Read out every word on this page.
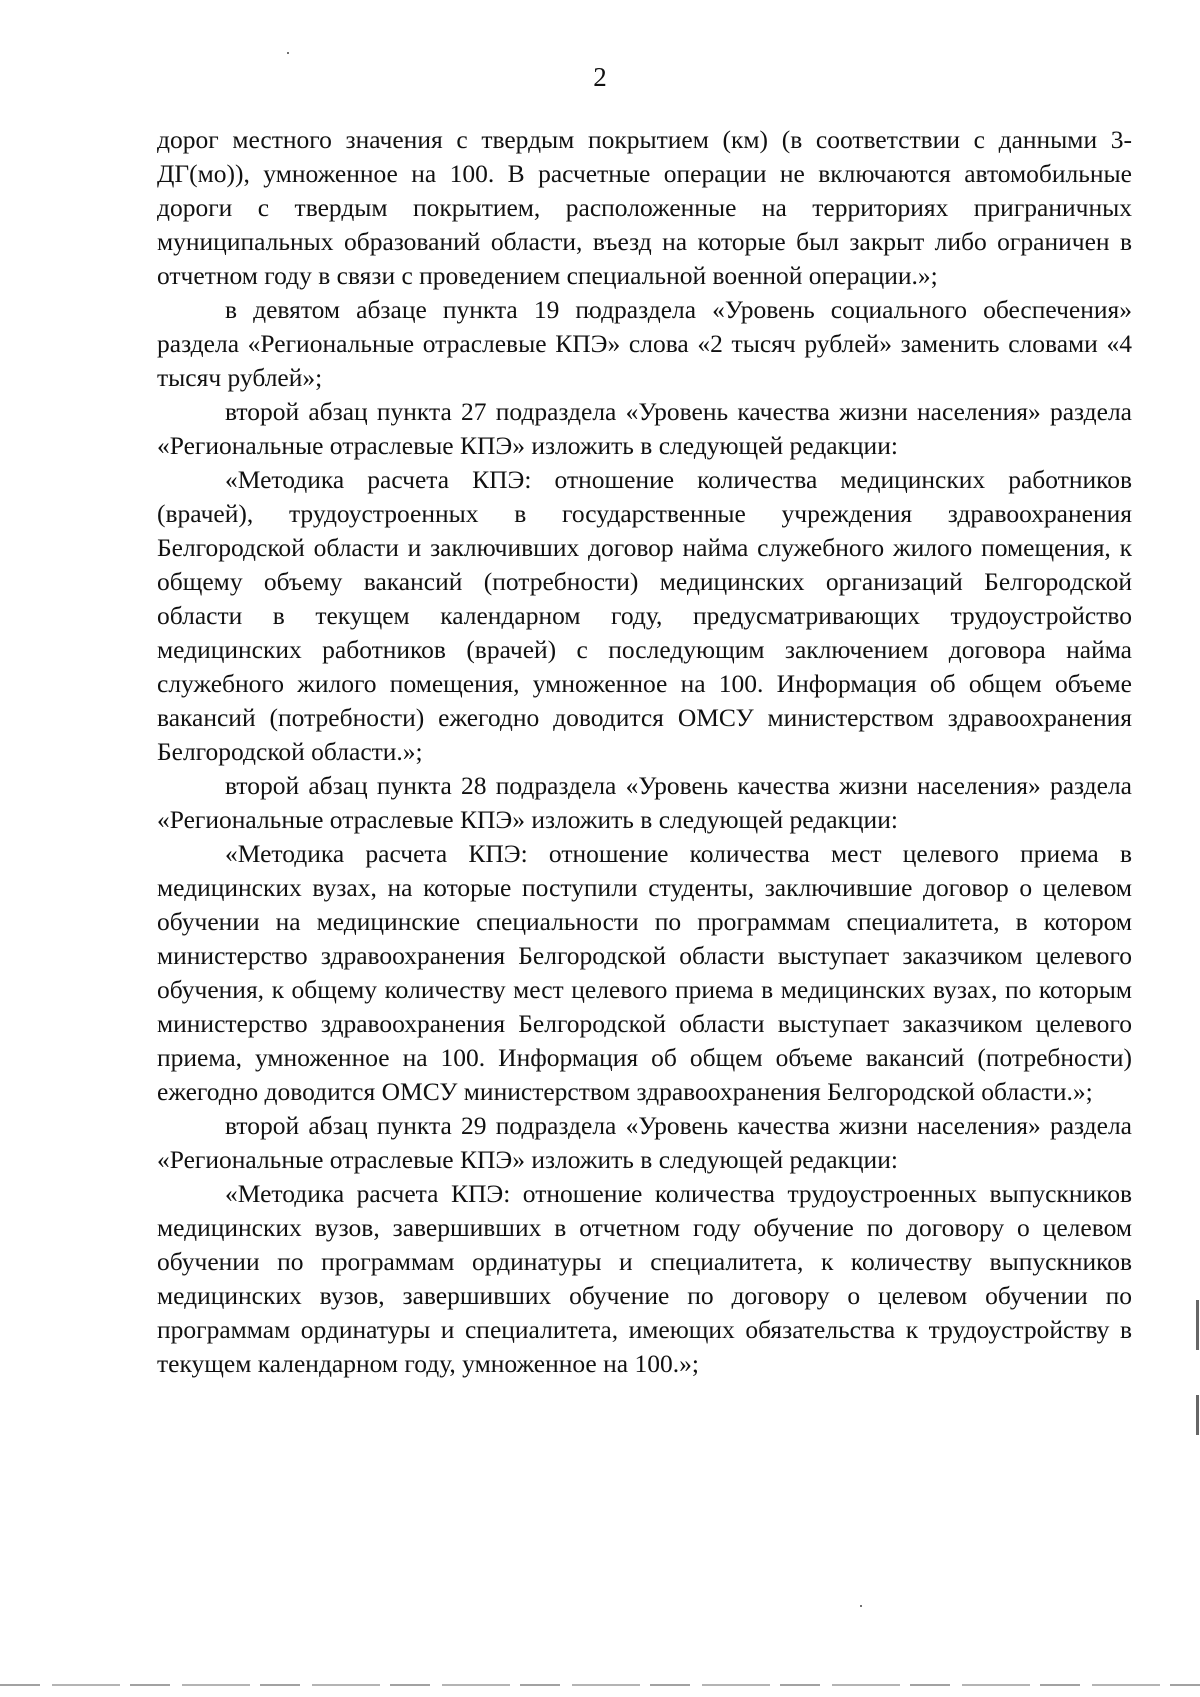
2

дорог местного значения с твердым покрытием (км) (в соответствии с данными 3-ДГ(мо)), умноженное на 100. В расчетные операции не включаются автомобильные дороги с твердым покрытием, расположенные на территориях приграничных муниципальных образований области, въезд на которые был закрыт либо ограничен в отчетном году в связи с проведением специальной военной операции.»;

в девятом абзаце пункта 19 подраздела «Уровень социального обеспечения» раздела «Региональные отраслевые КПЭ» слова «2 тысяч рублей» заменить словами «4 тысяч рублей»;

второй абзац пункта 27 подраздела «Уровень качества жизни населения» раздела «Региональные отраслевые КПЭ» изложить в следующей редакции:

«Методика расчета КПЭ: отношение количества медицинских работников (врачей), трудоустроенных в государственные учреждения здравоохранения Белгородской области и заключивших договор найма служебного жилого помещения, к общему объему вакансий (потребности) медицинских организаций Белгородской области в текущем календарном году, предусматривающих трудоустройство медицинских работников (врачей) с последующим заключением договора найма служебного жилого помещения, умноженное на 100. Информация об общем объеме вакансий (потребности) ежегодно доводится ОМСУ министерством здравоохранения Белгородской области.»;

второй абзац пункта 28 подраздела «Уровень качества жизни населения» раздела «Региональные отраслевые КПЭ» изложить в следующей редакции:

«Методика расчета КПЭ: отношение количества мест целевого приема в медицинских вузах, на которые поступили студенты, заключившие договор о целевом обучении на медицинские специальности по программам специалитета, в котором министерство здравоохранения Белгородской области выступает заказчиком целевого обучения, к общему количеству мест целевого приема в медицинских вузах, по которым министерство здравоохранения Белгородской области выступает заказчиком целевого приема, умноженное на 100. Информация об общем объеме вакансий (потребности) ежегодно доводится ОМСУ министерством здравоохранения Белгородской области.»;

второй абзац пункта 29 подраздела «Уровень качества жизни населения» раздела «Региональные отраслевые КПЭ» изложить в следующей редакции:

«Методика расчета КПЭ: отношение количества трудоустроенных выпускников медицинских вузов, завершивших в отчетном году обучение по договору о целевом обучении по программам ординатуры и специалитета, к количеству выпускников медицинских вузов, завершивших обучение по договору о целевом обучении по программам ординатуры и специалитета, имеющих обязательства к трудоустройству в текущем календарном году, умноженное на 100.»;
